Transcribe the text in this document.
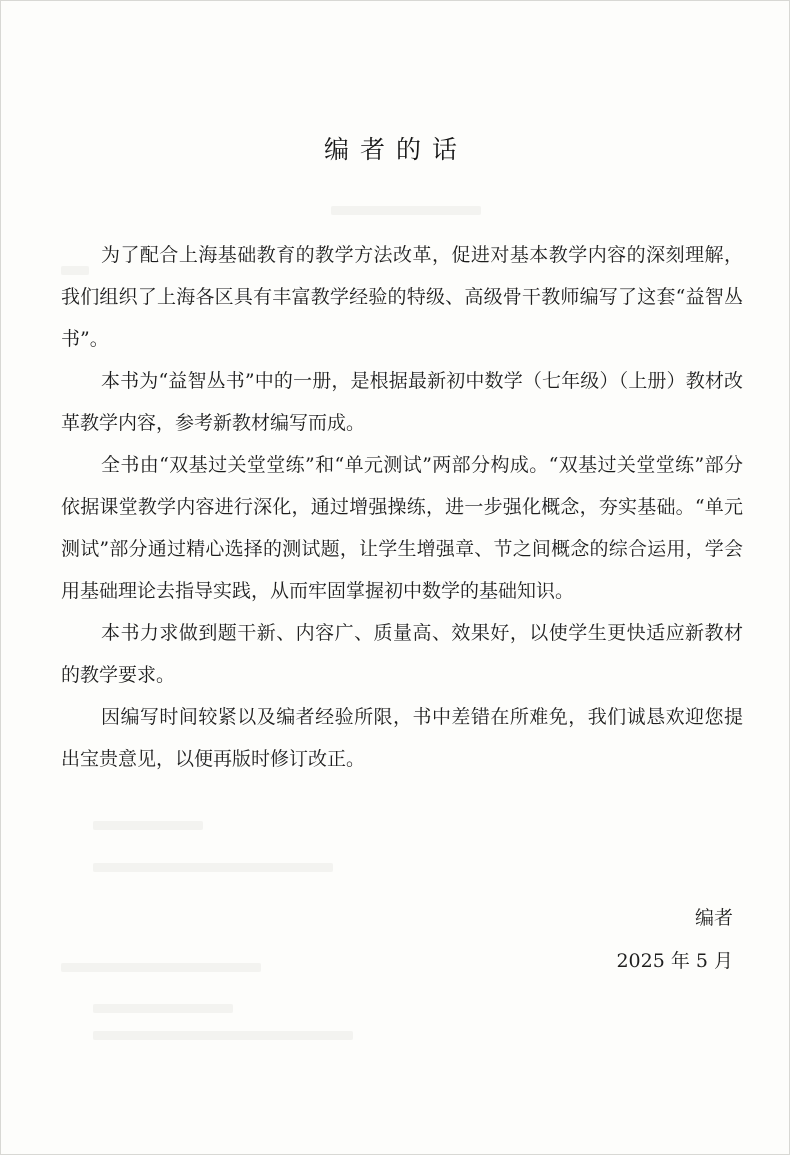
编者的话

为了配合上海基础教育的教学方法改革，促进对基本教学内容的深刻理解，我们组织了上海各区具有丰富教学经验的特级、高级骨干教师编写了这套“益智丛书”。

本书为“益智丛书”中的一册，是根据最新初中数学（七年级）（上册）教材改革教学内容，参考新教材编写而成。

全书由“双基过关堂堂练”和“单元测试”两部分构成。“双基过关堂堂练”部分依据课堂教学内容进行深化，通过增强操练，进一步强化概念，夯实基础。“单元测试”部分通过精心选择的测试题，让学生增强章、节之间概念的综合运用，学会用基础理论去指导实践，从而牢固掌握初中数学的基础知识。

本书力求做到题干新、内容广、质量高、效果好，以使学生更快适应新教材的教学要求。

因编写时间较紧以及编者经验所限，书中差错在所难免，我们诚恳欢迎您提出宝贵意见，以便再版时修订改正。

编者
2025 年 5 月
